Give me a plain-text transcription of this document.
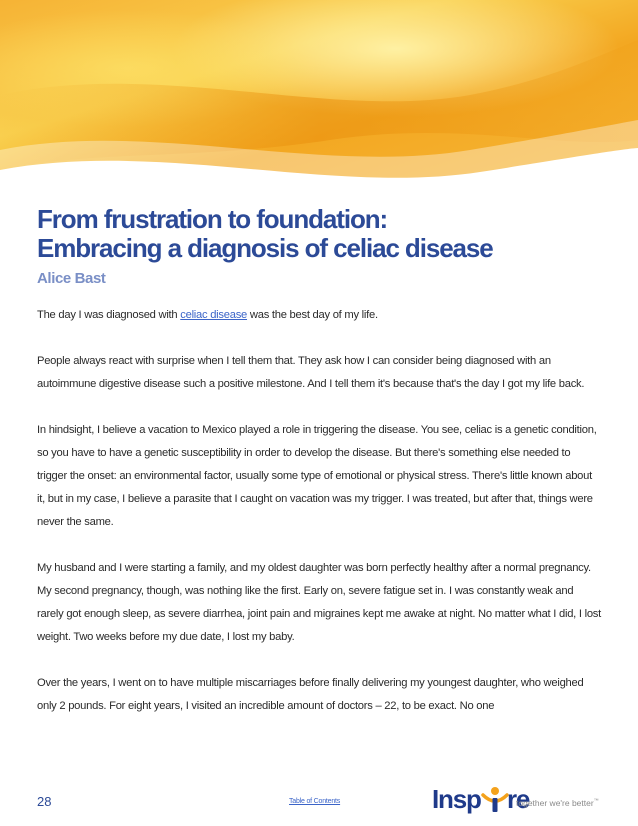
From frustration to foundation:
Embracing a diagnosis of celiac disease

Alice Bast

The day I was diagnosed with celiac disease was the best day of my life.

People always react with surprise when I tell them that. They ask how I can consider being diagnosed with an autoimmune digestive disease such a positive milestone. And I tell them it's because that's the day I got my life back.

In hindsight, I believe a vacation to Mexico played a role in triggering the disease. You see, celiac is a genetic condition, so you have to have a genetic susceptibility in order to develop the disease. But there's something else needed to trigger the onset: an environmental factor, usually some type of emotional or physical stress. There's little known about it, but in my case, I believe a parasite that I caught on vacation was my trigger. I was treated, but after that, things were never the same.

My husband and I were starting a family, and my oldest daughter was born perfectly healthy after a normal pregnancy. My second pregnancy, though, was nothing like the first. Early on, severe fatigue set in. I was constantly weak and rarely got enough sleep, as severe diarrhea, joint pain and migraines kept me awake at night. No matter what I did, I lost weight. Two weeks before my due date, I lost my baby.

Over the years, I went on to have multiple miscarriages before finally delivering my youngest daughter, who weighed only 2 pounds. For eight years, I visited an incredible amount of doctors – 22, to be exact. No one

28	Table of Contents	Insp re
together we're better™
